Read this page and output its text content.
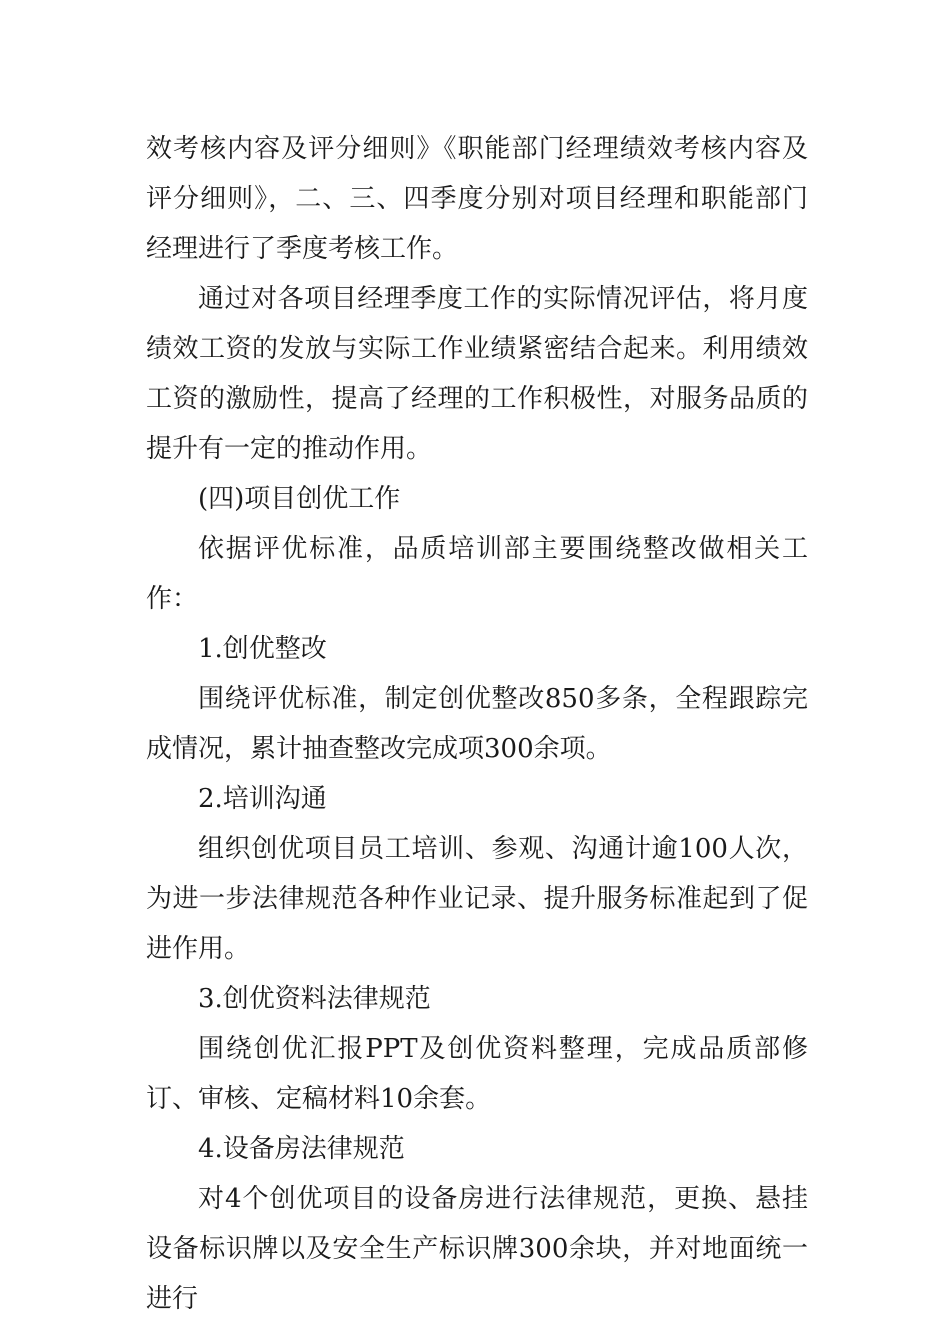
效考核内容及评分细则》《职能部门经理绩效考核内容及评分细则》，二、三、四季度分别对项目经理和职能部门经理进行了季度考核工作。

通过对各项目经理季度工作的实际情况评估，将月度绩效工资的发放与实际工作业绩紧密结合起来。利用绩效工资的激励性，提高了经理的工作积极性，对服务品质的提升有一定的推动作用。

(四)项目创优工作

依据评优标准，品质培训部主要围绕整改做相关工作：

1.创优整改

围绕评优标准，制定创优整改850多条，全程跟踪完成情况，累计抽查整改完成项300余项。

2.培训沟通

组织创优项目员工培训、参观、沟通计逾100人次，为进一步法律规范各种作业记录、提升服务标准起到了促进作用。

3.创优资料法律规范

围绕创优汇报PPT及创优资料整理，完成品质部修订、审核、定稿材料10余套。

4.设备房法律规范

对4个创优项目的设备房进行法律规范，更换、悬挂设备标识牌以及安全生产标识牌300余块，并对地面统一进行
